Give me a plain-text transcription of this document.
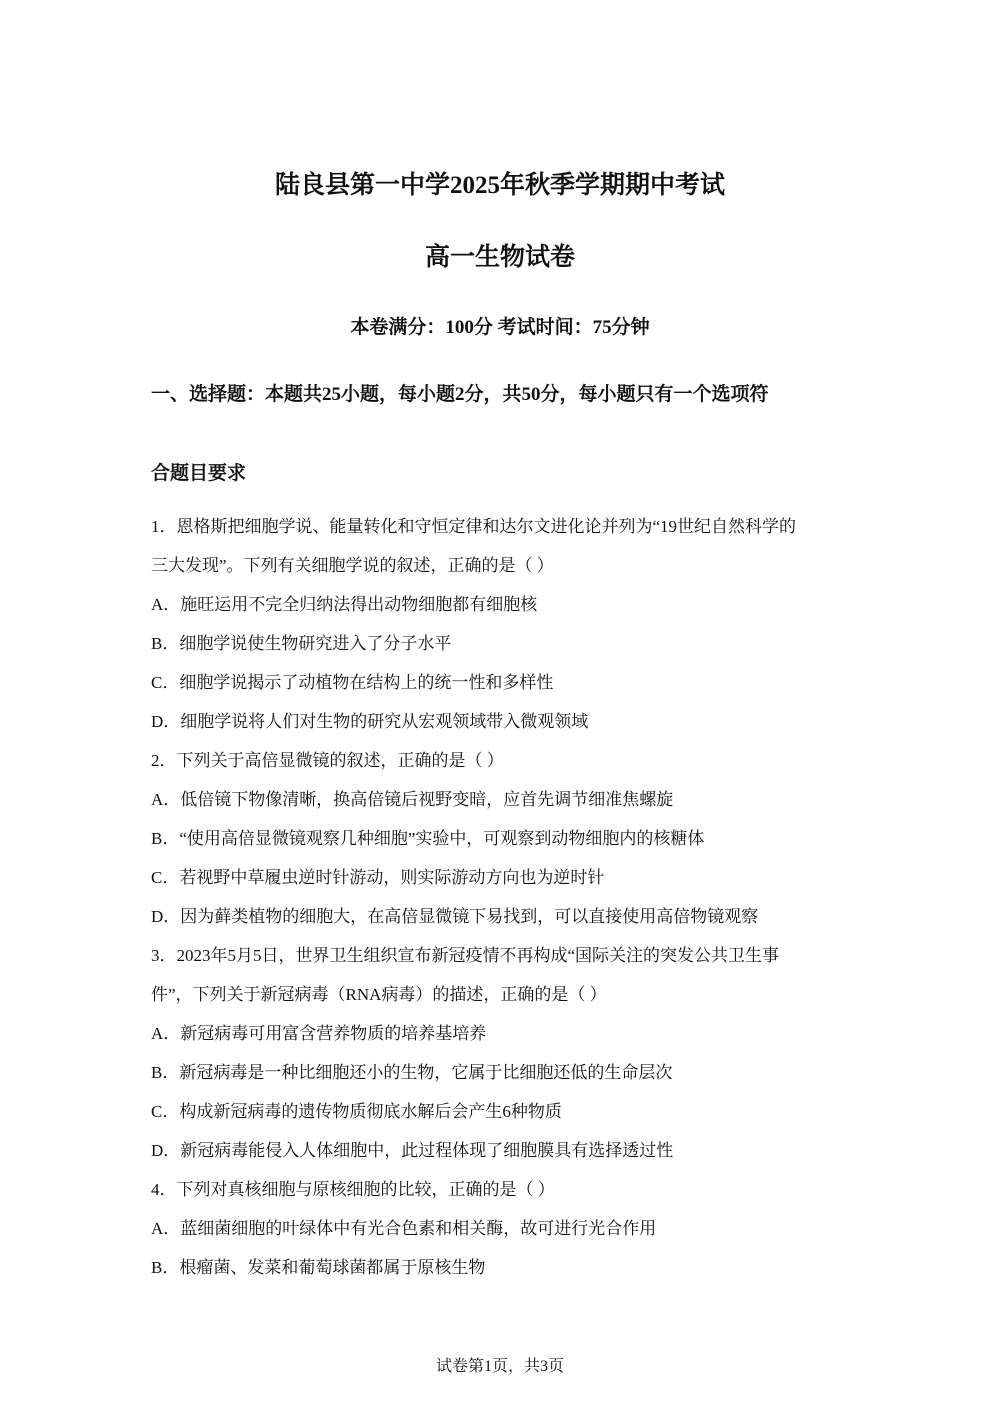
陆良县第一中学2025年秋季学期期中考试
高一生物试卷
本卷满分：100分 考试时间：75分钟
一、选择题：本题共25小题，每小题2分，共50分，每小题只有一个选项符
合题目要求
1．恩格斯把细胞学说、能量转化和守恒定律和达尔文进化论并列为“19世纪自然科学的
三大发现”。下列有关细胞学说的叙述，正确的是（ ）
A．施旺运用不完全归纳法得出动物细胞都有细胞核
B．细胞学说使生物研究进入了分子水平
C．细胞学说揭示了动植物在结构上的统一性和多样性
D．细胞学说将人们对生物的研究从宏观领域带入微观领域
2．下列关于高倍显微镜的叙述，正确的是（ ）
A．低倍镜下物像清晰，换高倍镜后视野变暗，应首先调节细准焦螺旋
B．“使用高倍显微镜观察几种细胞”实验中，可观察到动物细胞内的核糖体
C．若视野中草履虫逆时针游动，则实际游动方向也为逆时针
D．因为藓类植物的细胞大，在高倍显微镜下易找到，可以直接使用高倍物镜观察
3．2023年5月5日，世界卫生组织宣布新冠疫情不再构成“国际关注的突发公共卫生事
件”，下列关于新冠病毒（RNA病毒）的描述，正确的是（ ）
A．新冠病毒可用富含营养物质的培养基培养
B．新冠病毒是一种比细胞还小的生物，它属于比细胞还低的生命层次
C．构成新冠病毒的遗传物质彻底水解后会产生6种物质
D．新冠病毒能侵入人体细胞中，此过程体现了细胞膜具有选择透过性
4．下列对真核细胞与原核细胞的比较，正确的是（ ）
A．蓝细菌细胞的叶绿体中有光合色素和相关酶，故可进行光合作用
B．根瘤菌、发菜和葡萄球菌都属于原核生物
试卷第1页，共3页
